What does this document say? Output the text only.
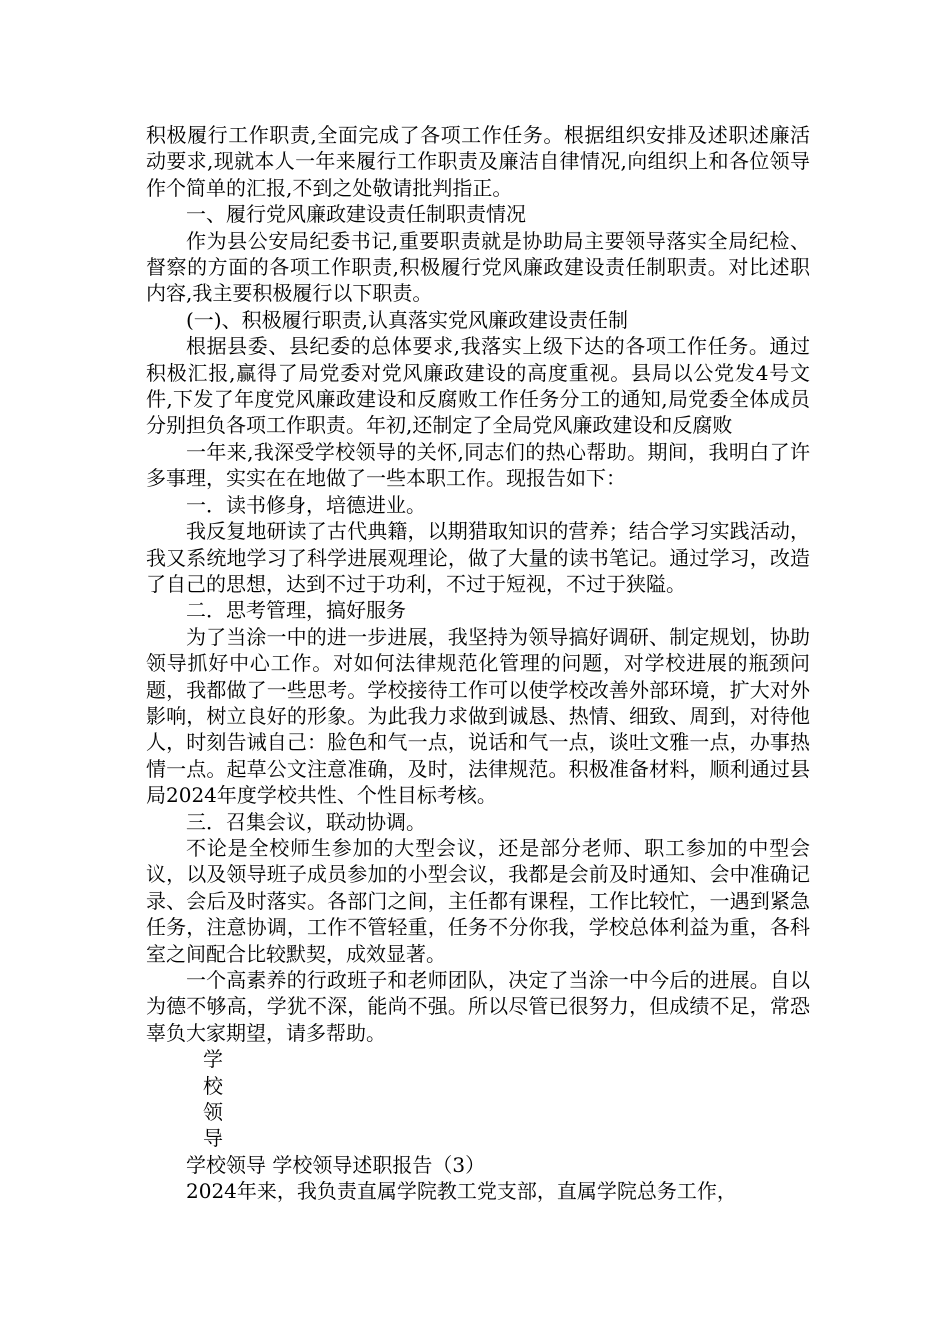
积极履行工作职责,全面完成了各项工作任务。根据组织安排及述职述廉活动要求,现就本人一年来履行工作职责及廉洁自律情况,向组织上和各位领导作个简单的汇报,不到之处敬请批判指正。

一、履行党风廉政建设责任制职责情况

作为县公安局纪委书记,重要职责就是协助局主要领导落实全局纪检、督察的方面的各项工作职责,积极履行党风廉政建设责任制职责。对比述职内容,我主要积极履行以下职责。

(一)、积极履行职责,认真落实党风廉政建设责任制

根据县委、县纪委的总体要求,我落实上级下达的各项工作任务。通过积极汇报,赢得了局党委对党风廉政建设的高度重视。县局以公党发4号文件,下发了年度党风廉政建设和反腐败工作任务分工的通知,局党委全体成员分别担负各项工作职责。年初,还制定了全局党风廉政建设和反腐败

一年来,我深受学校领导的关怀,同志们的热心帮助。期间，我明白了许多事理，实实在在地做了一些本职工作。现报告如下：

一．读书修身，培德进业。

我反复地研读了古代典籍，以期猎取知识的营养；结合学习实践活动，我又系统地学习了科学进展观理论，做了大量的读书笔记。通过学习，改造了自己的思想，达到不过于功利，不过于短视，不过于狭隘。

二．思考管理，搞好服务

为了当涂一中的进一步进展，我坚持为领导搞好调研、制定规划，协助领导抓好中心工作。对如何法律规范化管理的问题，对学校进展的瓶颈问题，我都做了一些思考。学校接待工作可以使学校改善外部环境，扩大对外影响，树立良好的形象。为此我力求做到诚恳、热情、细致、周到，对待他人，时刻告诫自己：脸色和气一点，说话和气一点，谈吐文雅一点，办事热情一点。起草公文注意准确，及时，法律规范。积极准备材料，顺利通过县局2024年度学校共性、个性目标考核。

三．召集会议，联动协调。

不论是全校师生参加的大型会议，还是部分老师、职工参加的中型会议，以及领导班子成员参加的小型会议，我都是会前及时通知、会中准确记录、会后及时落实。各部门之间，主任都有课程，工作比较忙，一遇到紧急任务，注意协调，工作不管轻重，任务不分你我，学校总体利益为重，各科室之间配合比较默契，成效显著。

一个高素养的行政班子和老师团队，决定了当涂一中今后的进展。自以为德不够高，学犹不深，能尚不强。所以尽管已很努力，但成绩不足，常恐辜负大家期望，请多帮助。

学
校
领
导

学校领导 学校领导述职报告（3）

2024年来，我负责直属学院教工党支部，直属学院总务工作，
